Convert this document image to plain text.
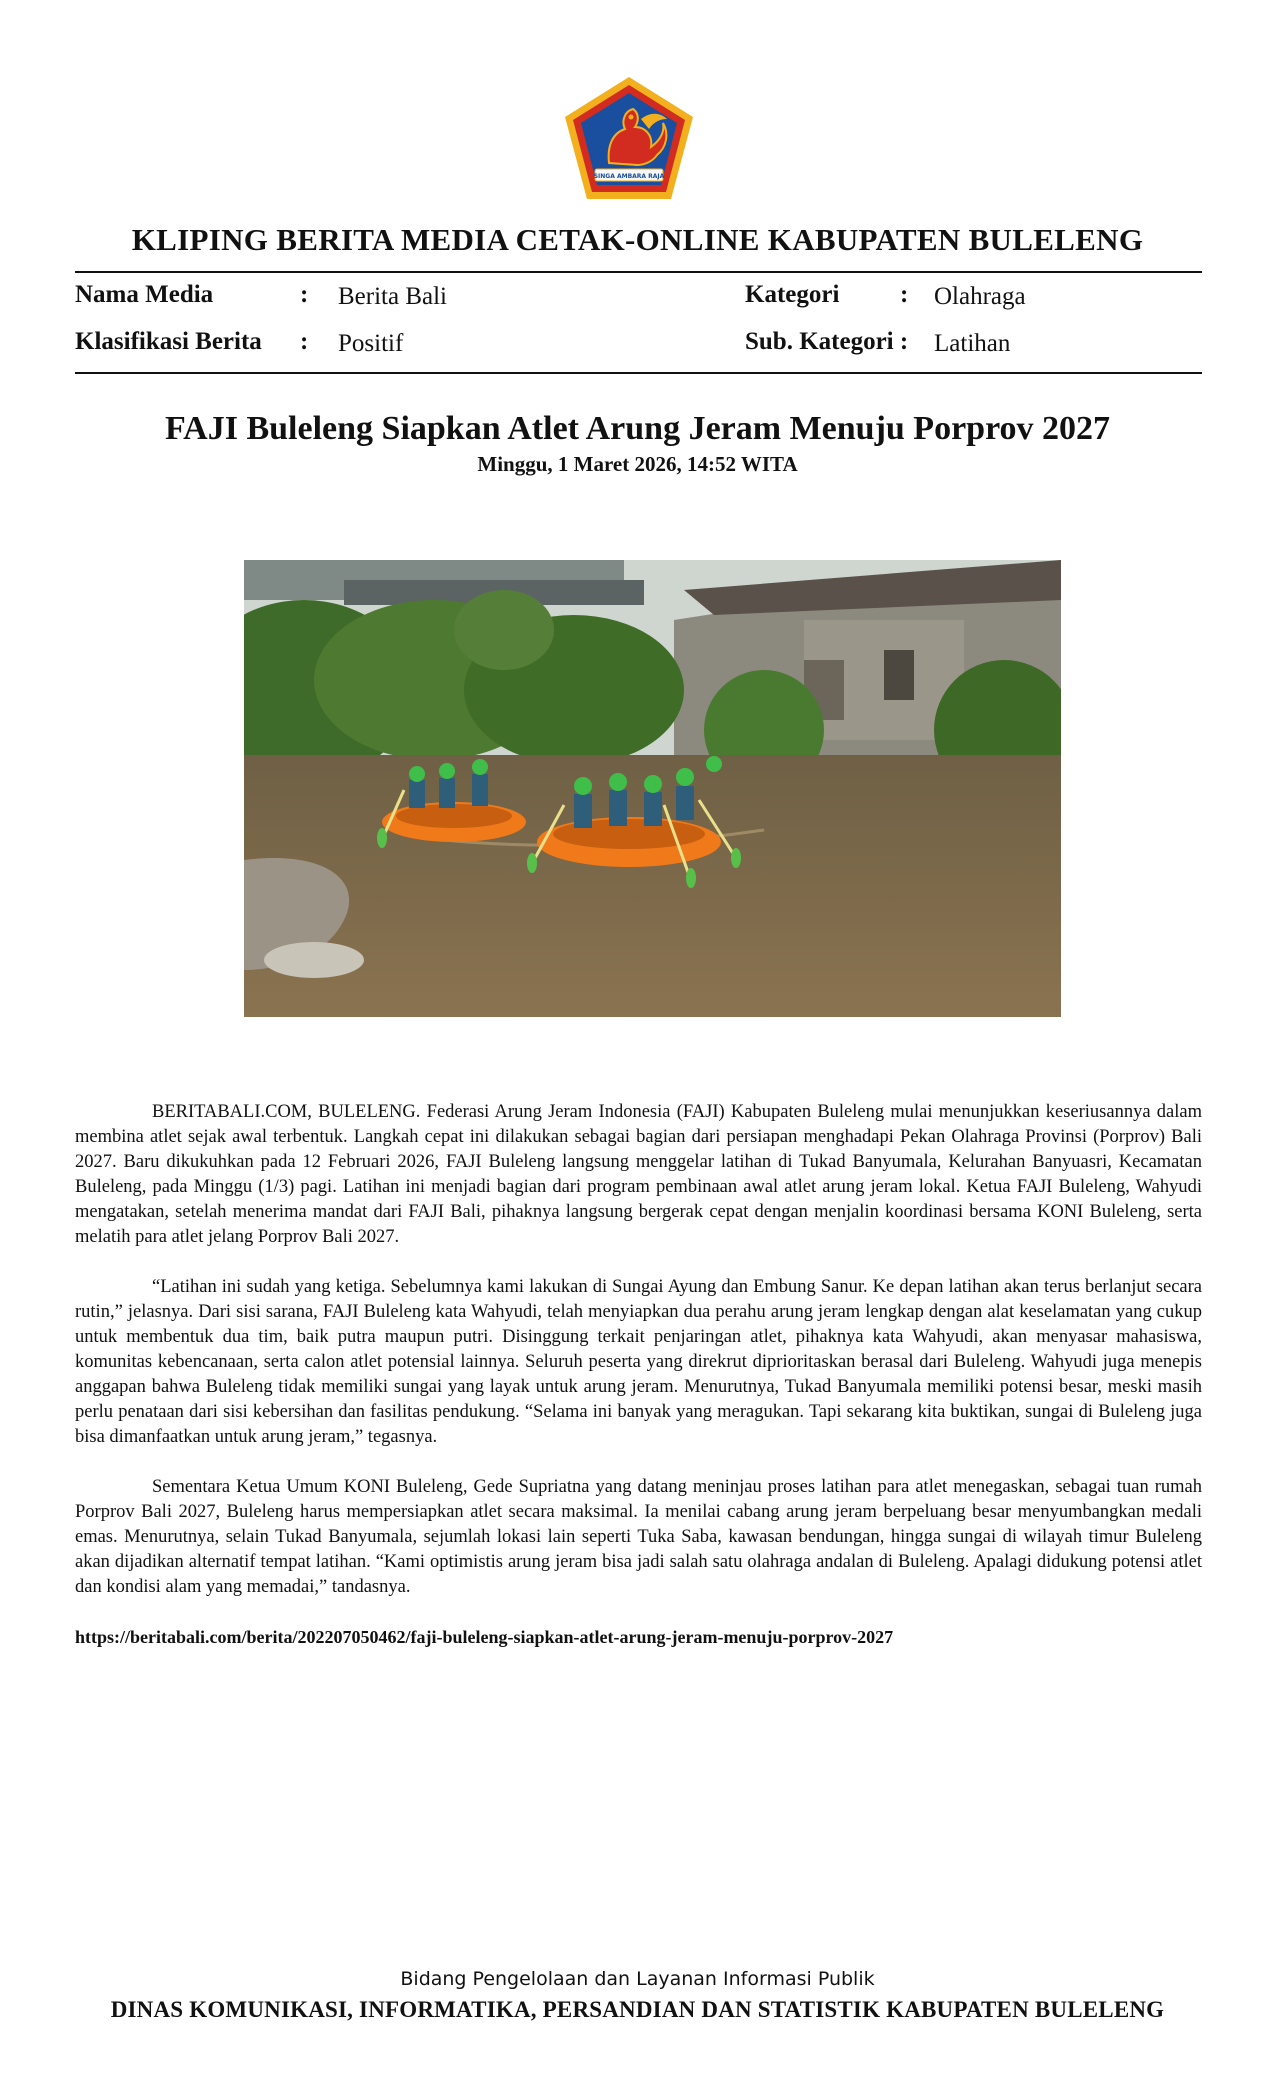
SINGA AMBARA RAJA
KLIPING BERITA MEDIA CETAK-ONLINE KABUPATEN BULELENG
Nama Media	: Berita Bali
Klasifikasi Berita : Positif
Kategori : Olahraga
Sub. Kategori : Latihan
FAJI Buleleng Siapkan Atlet Arung Jeram Menuju Porprov 2027
Minggu, 1 Maret 2026, 14:52 WITA

BERITABALI.COM, BULELENG. Federasi Arung Jeram Indonesia (FAJI) Kabupaten Buleleng mulai menunjukkan keseriusannya dalam membina atlet sejak awal terbentuk. Langkah cepat ini dilakukan sebagai bagian dari persiapan menghadapi Pekan Olahraga Provinsi (Porprov) Bali 2027. Baru dikukuhkan pada 12 Februari 2026, FAJI Buleleng langsung menggelar latihan di Tukad Banyumala, Kelurahan Banyuasri, Kecamatan Buleleng, pada Minggu (1/3) pagi. Latihan ini menjadi bagian dari program pembinaan awal atlet arung jeram lokal. Ketua FAJI Buleleng, Wahyudi mengatakan, setelah menerima mandat dari FAJI Bali, pihaknya langsung bergerak cepat dengan menjalin koordinasi bersama KONI Buleleng, serta melatih para atlet jelang Porprov Bali 2027.

“Latihan ini sudah yang ketiga. Sebelumnya kami lakukan di Sungai Ayung dan Embung Sanur. Ke depan latihan akan terus berlanjut secara rutin,” jelasnya. Dari sisi sarana, FAJI Buleleng kata Wahyudi, telah menyiapkan dua perahu arung jeram lengkap dengan alat keselamatan yang cukup untuk membentuk dua tim, baik putra maupun putri. Disinggung terkait penjaringan atlet, pihaknya kata Wahyudi, akan menyasar mahasiswa, komunitas kebencanaan, serta calon atlet potensial lainnya. Seluruh peserta yang direkrut diprioritaskan berasal dari Buleleng. Wahyudi juga menepis anggapan bahwa Buleleng tidak memiliki sungai yang layak untuk arung jeram. Menurutnya, Tukad Banyumala memiliki potensi besar, meski masih perlu penataan dari sisi kebersihan dan fasilitas pendukung. “Selama ini banyak yang meragukan. Tapi sekarang kita buktikan, sungai di Buleleng juga bisa dimanfaatkan untuk arung jeram,” tegasnya.

Sementara Ketua Umum KONI Buleleng, Gede Supriatna yang datang meninjau proses latihan para atlet menegaskan, sebagai tuan rumah Porprov Bali 2027, Buleleng harus mempersiapkan atlet secara maksimal. Ia menilai cabang arung jeram berpeluang besar menyumbangkan medali emas. Menurutnya, selain Tukad Banyumala, sejumlah lokasi lain seperti Tuka Saba, kawasan bendungan, hingga sungai di wilayah timur Buleleng akan dijadikan alternatif tempat latihan. “Kami optimistis arung jeram bisa jadi salah satu olahraga andalan di Buleleng. Apalagi didukung potensi atlet dan kondisi alam yang memadai,” tandasnya.

https://beritabali.com/berita/202207050462/faji-buleleng-siapkan-atlet-arung-jeram-menuju-porprov-2027
Bidang Pengelolaan dan Layanan Informasi Publik
DINAS KOMUNIKASI, INFORMATIKA, PERSANDIAN DAN STATISTIK KABUPATEN BULELENG
